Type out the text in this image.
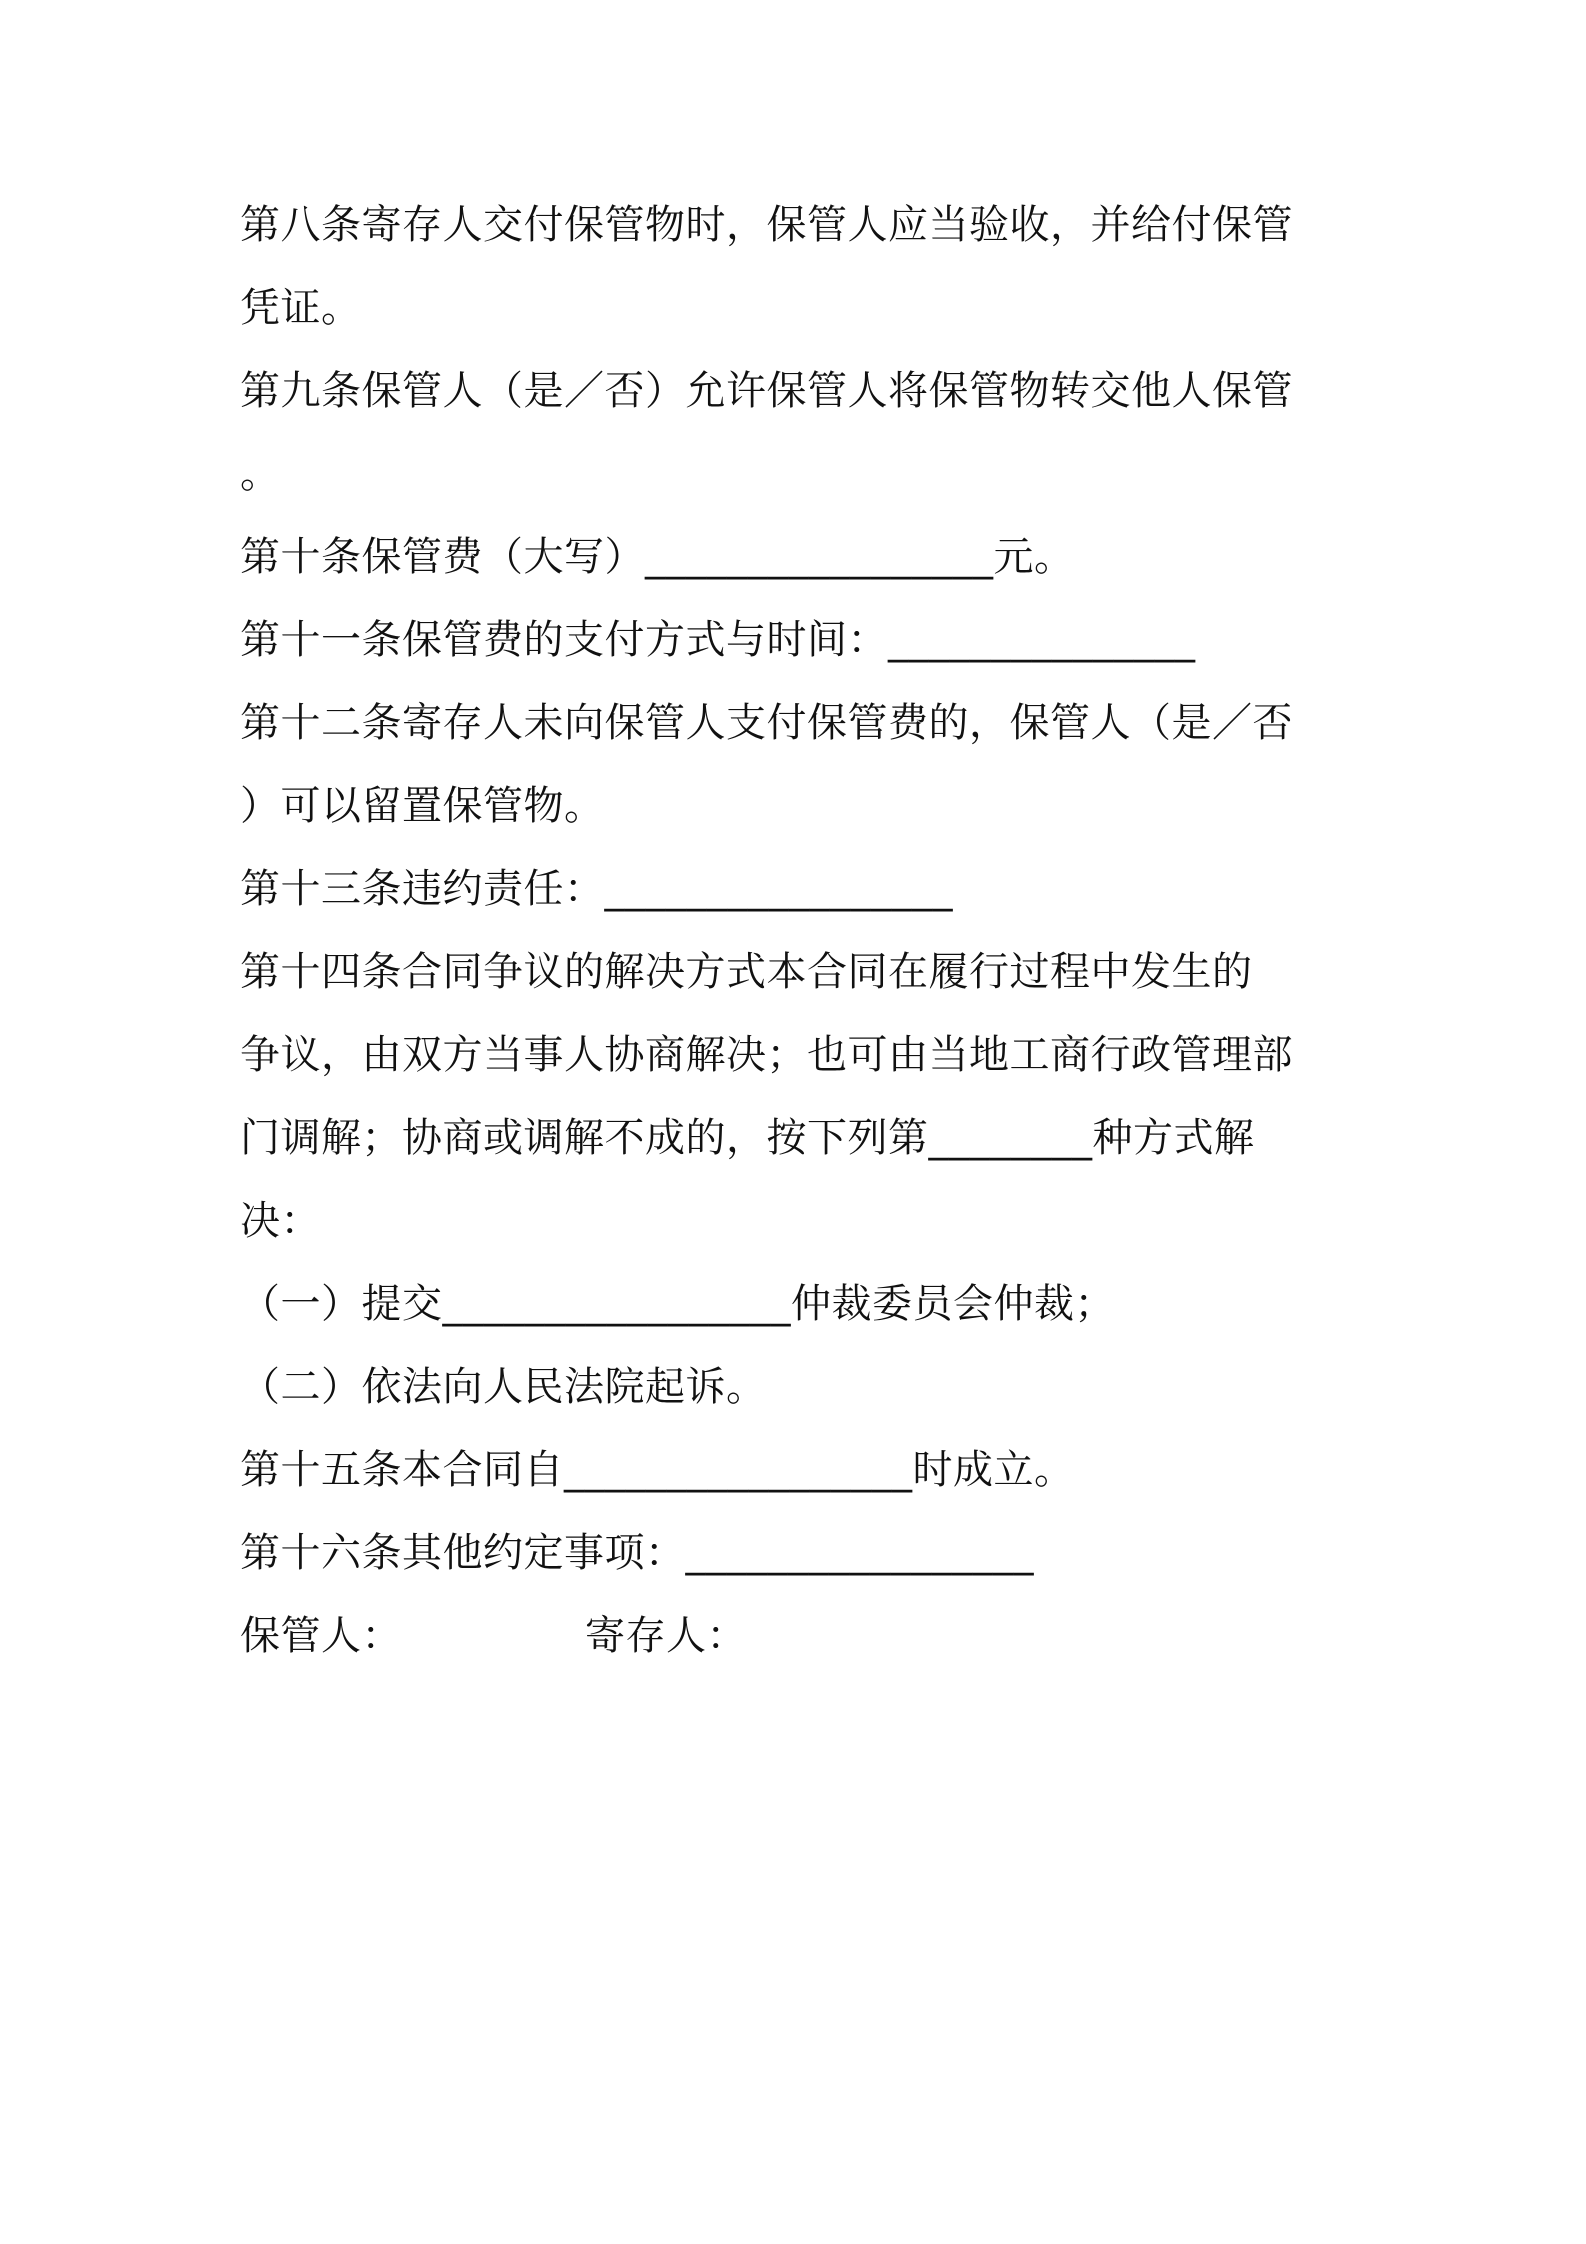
第八条寄存人交付保管物时，保管人应当验收，并给付保管
凭证。
第九条保管人（是／否）允许保管人将保管物转交他人保管
。
第十条保管费（大写）_________________元。
第十一条保管费的支付方式与时间：_______________
第十二条寄存人未向保管人支付保管费的，保管人（是／否
）可以留置保管物。
第十三条违约责任：_________________
第十四条合同争议的解决方式本合同在履行过程中发生的
争议，由双方当事人协商解决；也可由当地工商行政管理部
门调解；协商或调解不成的，按下列第________种方式解
决：
（一）提交_________________仲裁委员会仲裁；
（二）依法向人民法院起诉。
第十五条本合同自_________________时成立。
第十六条其他约定事项：_________________
保管人：	寄存人：
